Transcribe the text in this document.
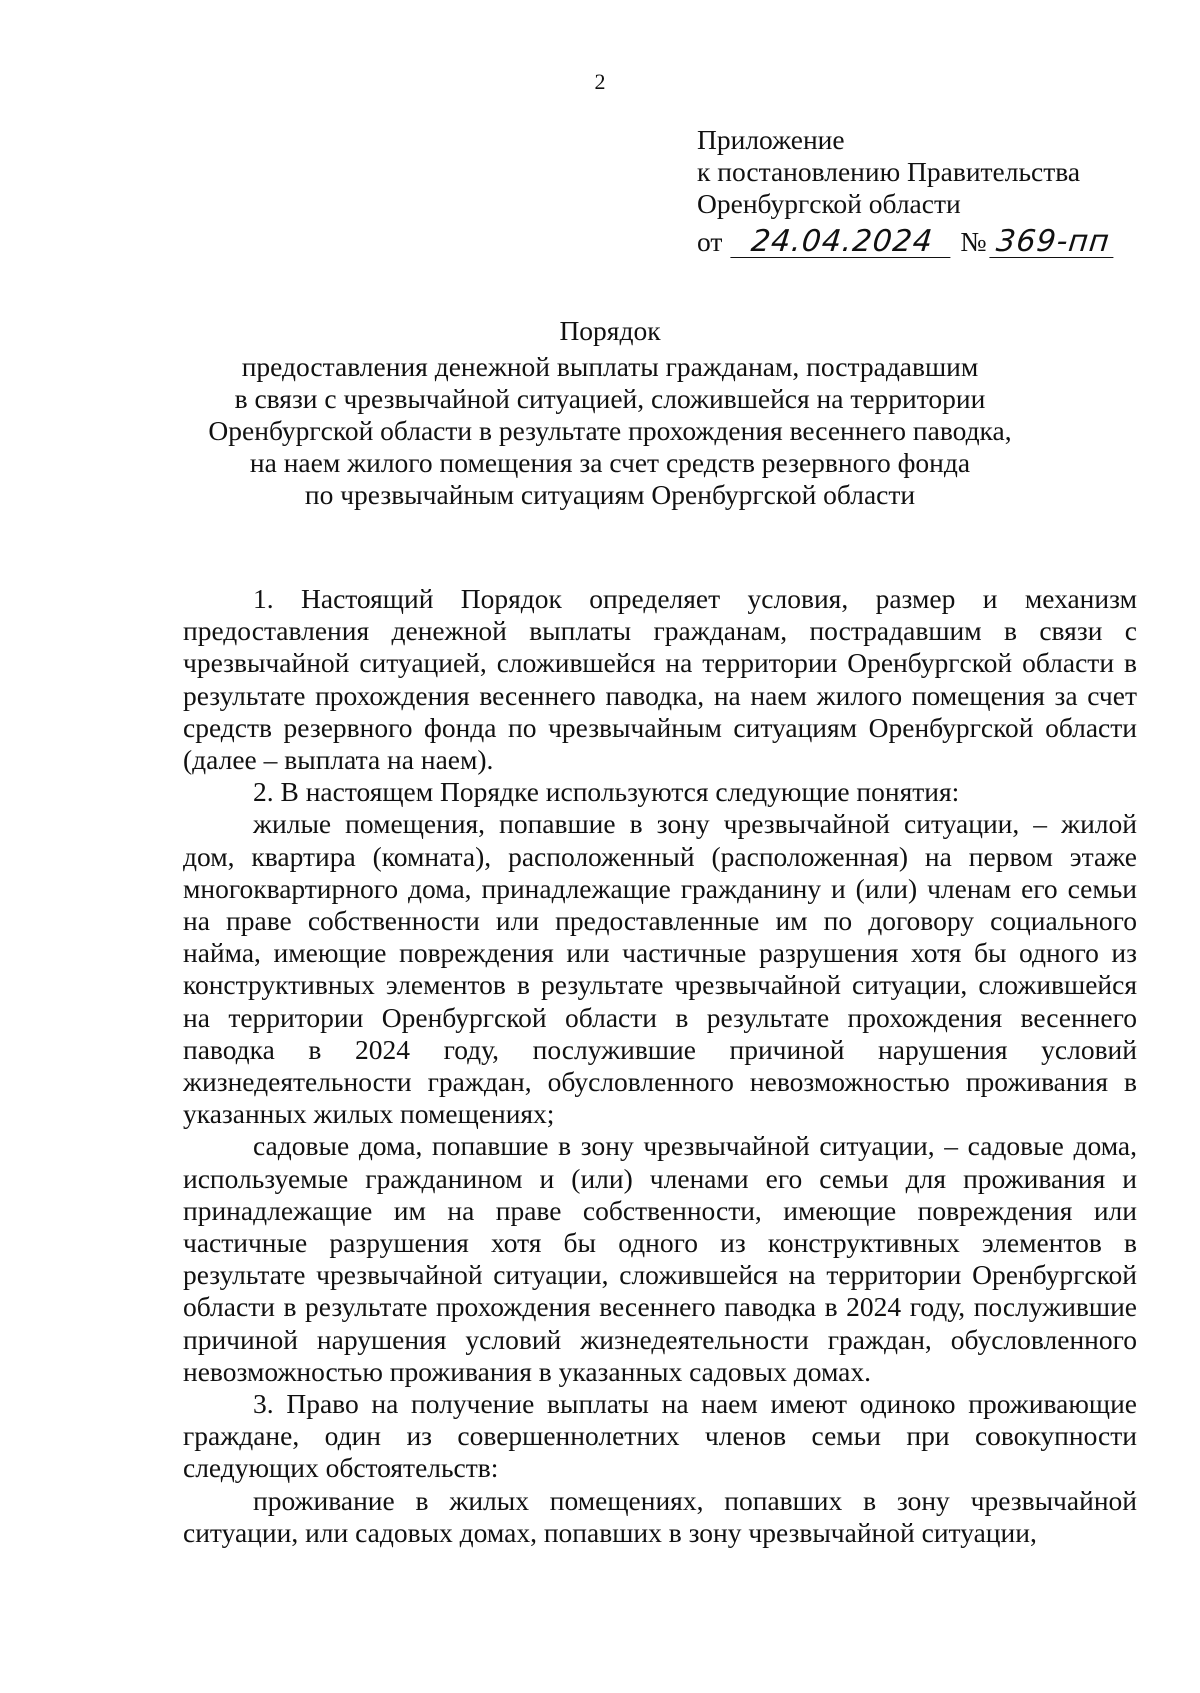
2
Приложение
к постановлению Правительства
Оренбургской области
от 24.04.2024 № 369-пп
Порядок
предоставления денежной выплаты гражданам, пострадавшим
в связи с чрезвычайной ситуацией, сложившейся на территории
Оренбургской области в результате прохождения весеннего паводка,
на наем жилого помещения за счет средств резервного фонда
по чрезвычайным ситуациям Оренбургской области

1. Настоящий Порядок определяет условия, размер и механизм предоставления денежной выплаты гражданам, пострадавшим в связи с чрезвычайной ситуацией, сложившейся на территории Оренбургской области в результате прохождения весеннего паводка, на наем жилого помещения за счет средств резервного фонда по чрезвычайным ситуациям Оренбургской области (далее – выплата на наем).

2. В настоящем Порядке используются следующие понятия:

жилые помещения, попавшие в зону чрезвычайной ситуации, – жилой дом, квартира (комната), расположенный (расположенная) на первом этаже многоквартирного дома, принадлежащие гражданину и (или) членам его семьи на праве собственности или предоставленные им по договору социального найма, имеющие повреждения или частичные разрушения хотя бы одного из конструктивных элементов в результате чрезвычайной ситуации, сложившейся на территории Оренбургской области в результате прохождения весеннего паводка в 2024 году, послужившие причиной нарушения условий жизнедеятельности граждан, обусловленного невозможностью проживания в указанных жилых помещениях;

садовые дома, попавшие в зону чрезвычайной ситуации, – садовые дома, используемые гражданином и (или) членами его семьи для проживания и принадлежащие им на праве собственности, имеющие повреждения или частичные разрушения хотя бы одного из конструктивных элементов в результате чрезвычайной ситуации, сложившейся на территории Оренбургской области в результате прохождения весеннего паводка в 2024 году, послужившие причиной нарушения условий жизнедеятельности граждан, обусловленного невозможностью проживания в указанных садовых домах.

3. Право на получение выплаты на наем имеют одиноко проживающие граждане, один из совершеннолетних членов семьи при совокупности следующих обстоятельств:

проживание в жилых помещениях, попавших в зону чрезвычайной ситуации, или садовых домах, попавших в зону чрезвычайной ситуации,
